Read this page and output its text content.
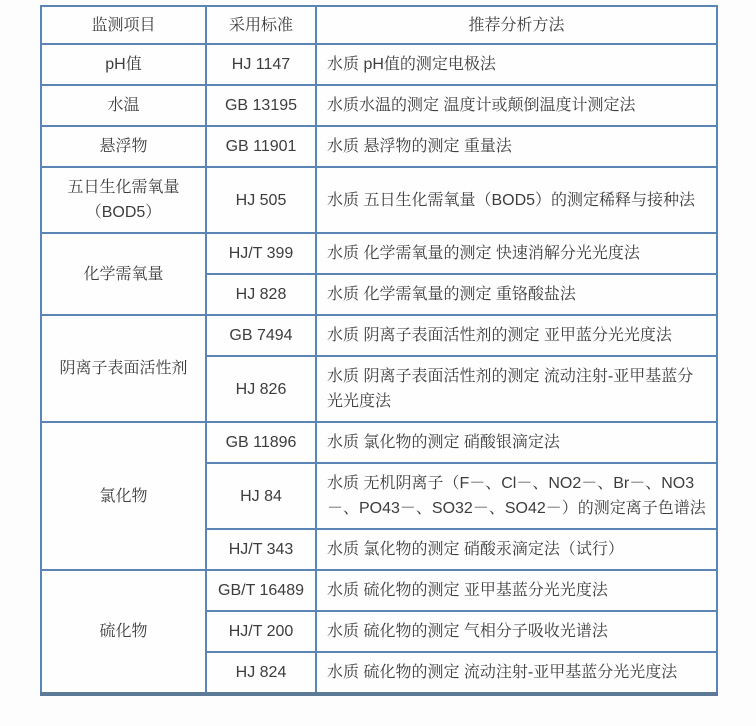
监测项目	采用标准	推荐分析方法
pH值	HJ 1147	水质 pH值的测定电极法
水温	GB 13195	水质水温的测定 温度计或颠倒温度计测定法
悬浮物	GB 11901	水质 悬浮物的测定 重量法
五日生化需氧量（BOD5）	HJ 505	水质 五日生化需氧量（BOD5）的测定稀释与接种法
化学需氧量	HJ/T 399	水质 化学需氧量的测定 快速消解分光光度法
	HJ 828	水质 化学需氧量的测定 重铬酸盐法
阴离子表面活性剂	GB 7494	水质 阴离子表面活性剂的测定 亚甲蓝分光光度法
	HJ 826	水质 阴离子表面活性剂的测定 流动注射-亚甲基蓝分光光度法
氯化物	GB 11896	水质 氯化物的测定 硝酸银滴定法
	HJ 84	水质 无机阴离子（F－、Cl－、NO2－、Br－、NO3－、PO43－、SO32－、SO42－）的测定离子色谱法
	HJ/T 343	水质 氯化物的测定 硝酸汞滴定法（试行）
硫化物	GB/T 16489	水质 硫化物的测定 亚甲基蓝分光光度法
	HJ/T 200	水质 硫化物的测定 气相分子吸收光谱法
	HJ 824	水质 硫化物的测定 流动注射-亚甲基蓝分光光度法
